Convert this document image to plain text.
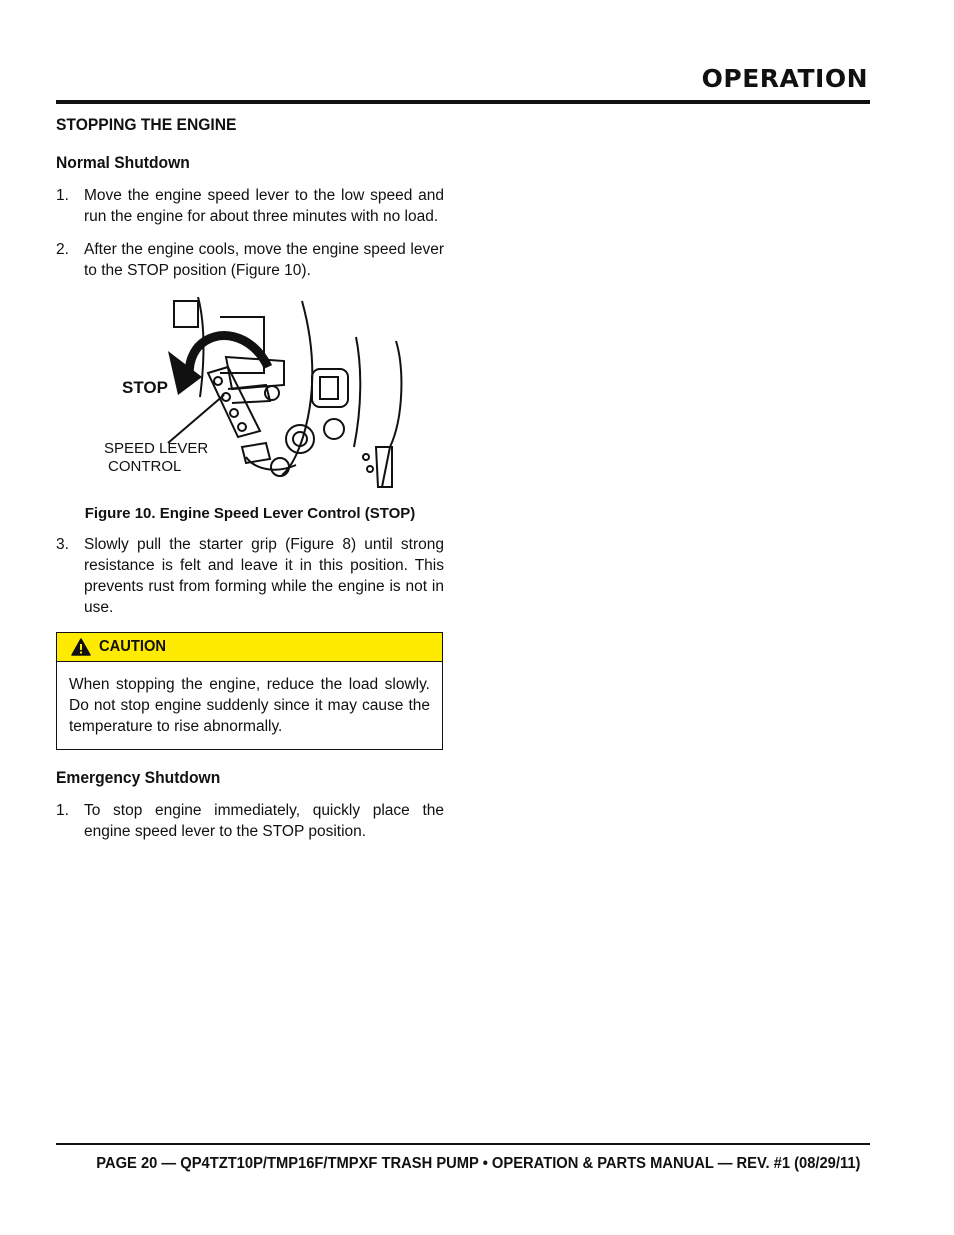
OPERATION
STOPPING THE ENGINE
Normal Shutdown
1. Move the engine speed lever to the low speed and run the engine for about three minutes with no load.
2. After the engine cools, move the engine speed lever to the STOP position (Figure 10).
STOP
SPEED LEVER
CONTROL
Figure 10. Engine Speed Lever Control (STOP)
3. Slowly pull the starter grip (Figure 8) until strong resistance is felt and leave it in this position. This prevents rust from forming while the engine is not in use.
CAUTION
When stopping the engine, reduce the load slowly. Do not stop engine suddenly since it may cause the temperature to rise abnormally.
Emergency Shutdown
1. To stop engine immediately, quickly place the engine speed lever to the STOP position.
PAGE 20 — QP4TZT10P/TMP16F/TMPXF TRASH PUMP • OPERATION & PARTS MANUAL — REV. #1 (08/29/11)
